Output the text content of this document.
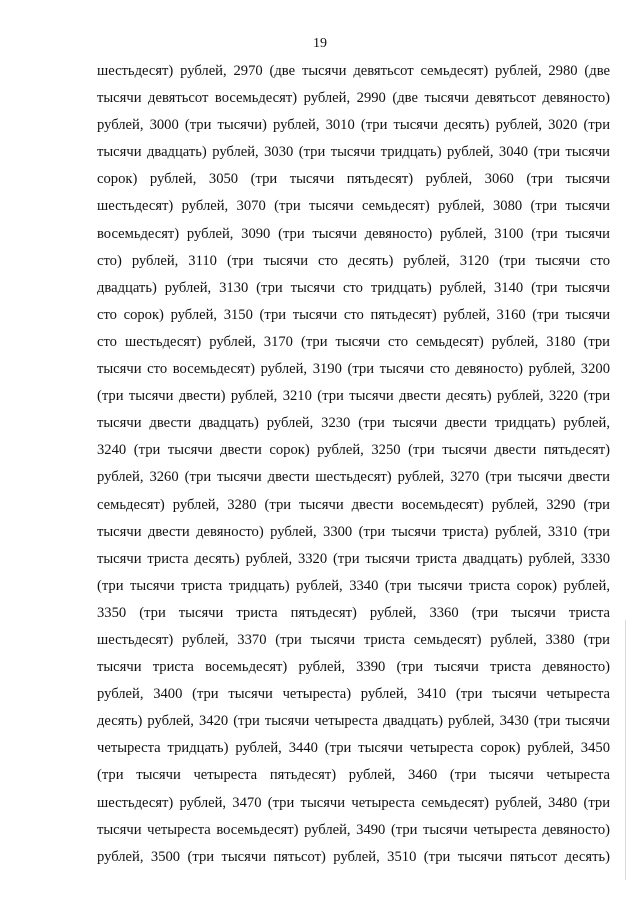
19
шестьдесят) рублей, 2970 (две тысячи девятьсот семьдесят) рублей, 2980 (две
тысячи девятьсот восемьдесят) рублей, 2990 (две тысячи девятьсот девяносто)
рублей, 3000 (три тысячи) рублей, 3010 (три тысячи десять) рублей, 3020 (три
тысячи двадцать) рублей, 3030 (три тысячи тридцать) рублей, 3040 (три тысячи
сорок) рублей, 3050 (три тысячи пятьдесят) рублей, 3060 (три тысячи
шестьдесят) рублей, 3070 (три тысячи семьдесят) рублей, 3080 (три тысячи
восемьдесят) рублей, 3090 (три тысячи девяносто) рублей, 3100 (три тысячи
сто) рублей, 3110 (три тысячи сто десять) рублей, 3120 (три тысячи сто
двадцать) рублей, 3130 (три тысячи сто тридцать) рублей, 3140 (три тысячи
сто сорок) рублей, 3150 (три тысячи сто пятьдесят) рублей, 3160 (три тысячи
сто шестьдесят) рублей, 3170 (три тысячи сто семьдесят) рублей, 3180 (три
тысячи сто восемьдесят) рублей, 3190 (три тысячи сто девяносто) рублей, 3200
(три тысячи двести) рублей, 3210 (три тысячи двести десять) рублей, 3220 (три
тысячи двести двадцать) рублей, 3230 (три тысячи двести тридцать) рублей,
3240 (три тысячи двести сорок) рублей, 3250 (три тысячи двести пятьдесят)
рублей, 3260 (три тысячи двести шестьдесят) рублей, 3270 (три тысячи двести
семьдесят) рублей, 3280 (три тысячи двести восемьдесят) рублей, 3290 (три
тысячи двести девяносто) рублей, 3300 (три тысячи триста) рублей, 3310 (три
тысячи триста десять) рублей, 3320 (три тысячи триста двадцать) рублей, 3330
(три тысячи триста тридцать) рублей, 3340 (три тысячи триста сорок) рублей,
3350 (три тысячи триста пятьдесят) рублей, 3360 (три тысячи триста
шестьдесят) рублей, 3370 (три тысячи триста семьдесят) рублей, 3380 (три
тысячи триста восемьдесят) рублей, 3390 (три тысячи триста девяносто)
рублей, 3400 (три тысячи четыреста) рублей, 3410 (три тысячи четыреста
десять) рублей, 3420 (три тысячи четыреста двадцать) рублей, 3430 (три тысячи
четыреста тридцать) рублей, 3440 (три тысячи четыреста сорок) рублей, 3450
(три тысячи четыреста пятьдесят) рублей, 3460 (три тысячи четыреста
шестьдесят) рублей, 3470 (три тысячи четыреста семьдесят) рублей, 3480 (три
тысячи четыреста восемьдесят) рублей, 3490 (три тысячи четыреста девяносто)
рублей, 3500 (три тысячи пятьсот) рублей, 3510 (три тысячи пятьсот десять)
